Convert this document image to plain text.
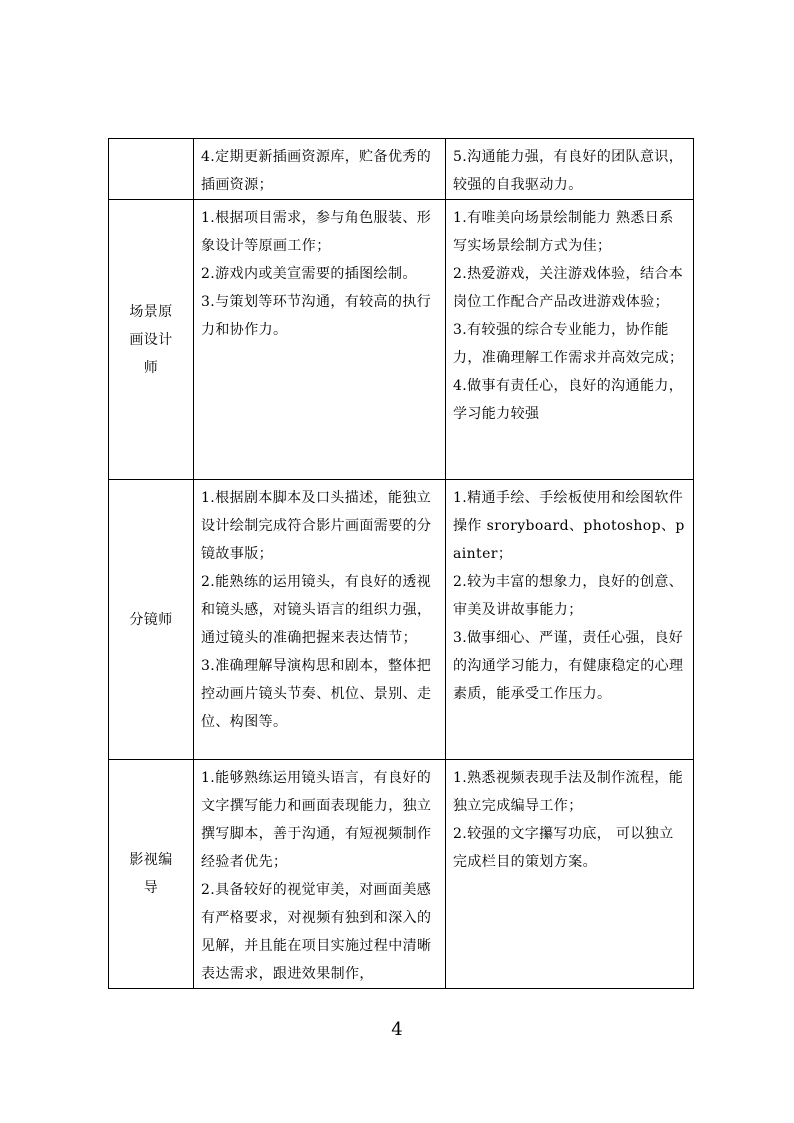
	4.定期更新插画资源库，贮备优秀的插画资源；	5.沟通能力强，有良好的团队意识，较强的自我驱动力。

场景原
画设计
师	1.根据项目需求，参与角色服装、形象设计等原画工作；
2.游戏内或美宣需要的插图绘制。
3.与策划等环节沟通，有较高的执行力和协作力。	1.有唯美向场景绘制能力 熟悉日系写实场景绘制方式为佳；
2.热爱游戏，关注游戏体验，结合本岗位工作配合产品改进游戏体验；
3.有较强的综合专业能力，协作能力，准确理解工作需求并高效完成；
4.做事有责任心，良好的沟通能力，学习能力较强

分镜师	1.根据剧本脚本及口头描述，能独立设计绘制完成符合影片画面需要的分镜故事版；
2.能熟练的运用镜头，有良好的透视和镜头感，对镜头语言的组织力强，通过镜头的准确把握来表达情节；
3.准确理解导演构思和剧本，整体把控动画片镜头节奏、机位、景别、走位、构图等。	1.精通手绘、手绘板使用和绘图软件操作 sroryboard、photoshop、painter；
2.较为丰富的想象力，良好的创意、审美及讲故事能力；
3.做事细心、严谨，责任心强，良好的沟通学习能力，有健康稳定的心理素质，能承受工作压力。

影视编
导	1.能够熟练运用镜头语言，有良好的文字撰写能力和画面表现能力，独立撰写脚本，善于沟通，有短视频制作经验者优先；
2.具备较好的视觉审美，对画面美感有严格要求，对视频有独到和深入的见解，并且能在项目实施过程中清晰表达需求，跟进效果制作，	1.熟悉视频表现手法及制作流程，能独立完成编导工作；
2.较强的文字攥写功底， 可以独立完成栏目的策划方案。
4
